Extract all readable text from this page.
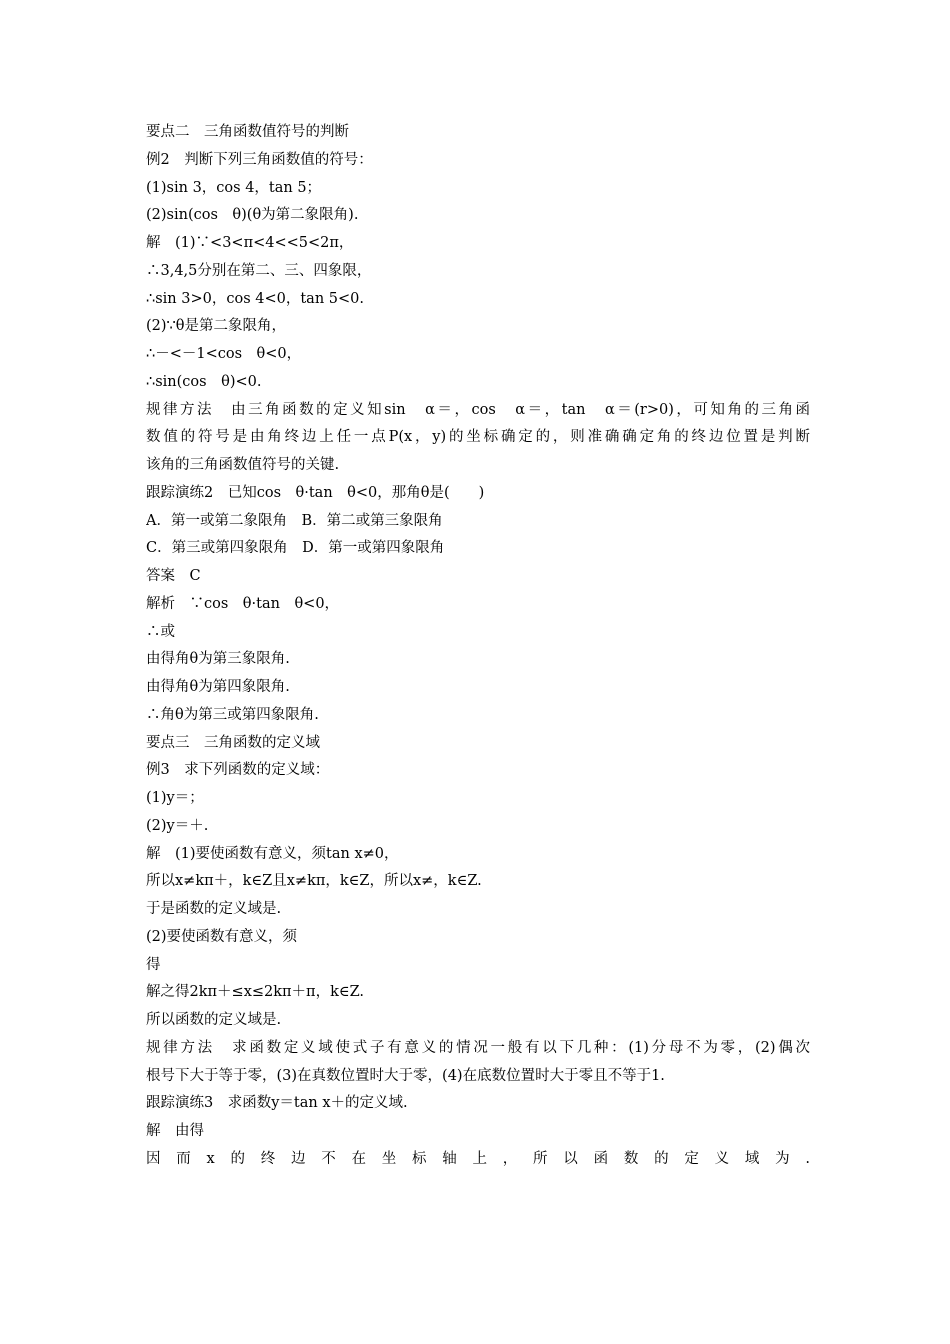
要点二　三角函数值符号的判断
例2　判断下列三角函数值的符号：
(1)sin 3，cos 4，tan 5；
(2)sin(cos　θ)(θ为第二象限角).
解　(1)∵<3<π<4<<5<2π，
∴3,4,5分别在第二、三、四象限，
∴sin 3>0，cos 4<0，tan 5<0.
(2)∵θ是第二象限角，
∴－<－1<cos　θ<0，
∴sin(cos　θ)<0.
规律方法　由三角函数的定义知sin　α＝，cos　α＝，tan　α＝(r>0)，可知角的三角函
数值的符号是由角终边上任一点P(x，y)的坐标确定的，则准确确定角的终边位置是判断
该角的三角函数值符号的关键.
跟踪演练2　已知cos　θ·tan　θ<0，那角θ是(　　)
A．第一或第二象限角　B．第二或第三象限角
C．第三或第四象限角　D．第一或第四象限角
答案　C
解析　∵cos　θ·tan　θ<0，
∴或
由得角θ为第三象限角.
由得角θ为第四象限角.
∴角θ为第三或第四象限角.
要点三　三角函数的定义域
例3　求下列函数的定义域：
(1)y＝；
(2)y＝＋.
解　(1)要使函数有意义，须tan x≠0，
所以x≠kπ＋，k∈Z且x≠kπ，k∈Z，所以x≠，k∈Z.
于是函数的定义域是.
(2)要使函数有意义，须
得
解之得2kπ＋≤x≤2kπ＋π，k∈Z.
所以函数的定义域是.
规律方法　求函数定义域使式子有意义的情况一般有以下几种：(1)分母不为零，(2)偶次
根号下大于等于零，(3)在真数位置时大于零，(4)在底数位置时大于零且不等于1.
跟踪演练3　求函数y＝tan x＋的定义域.
解　由得
因而x的终边不在坐标轴上，所以函数的定义域为.
